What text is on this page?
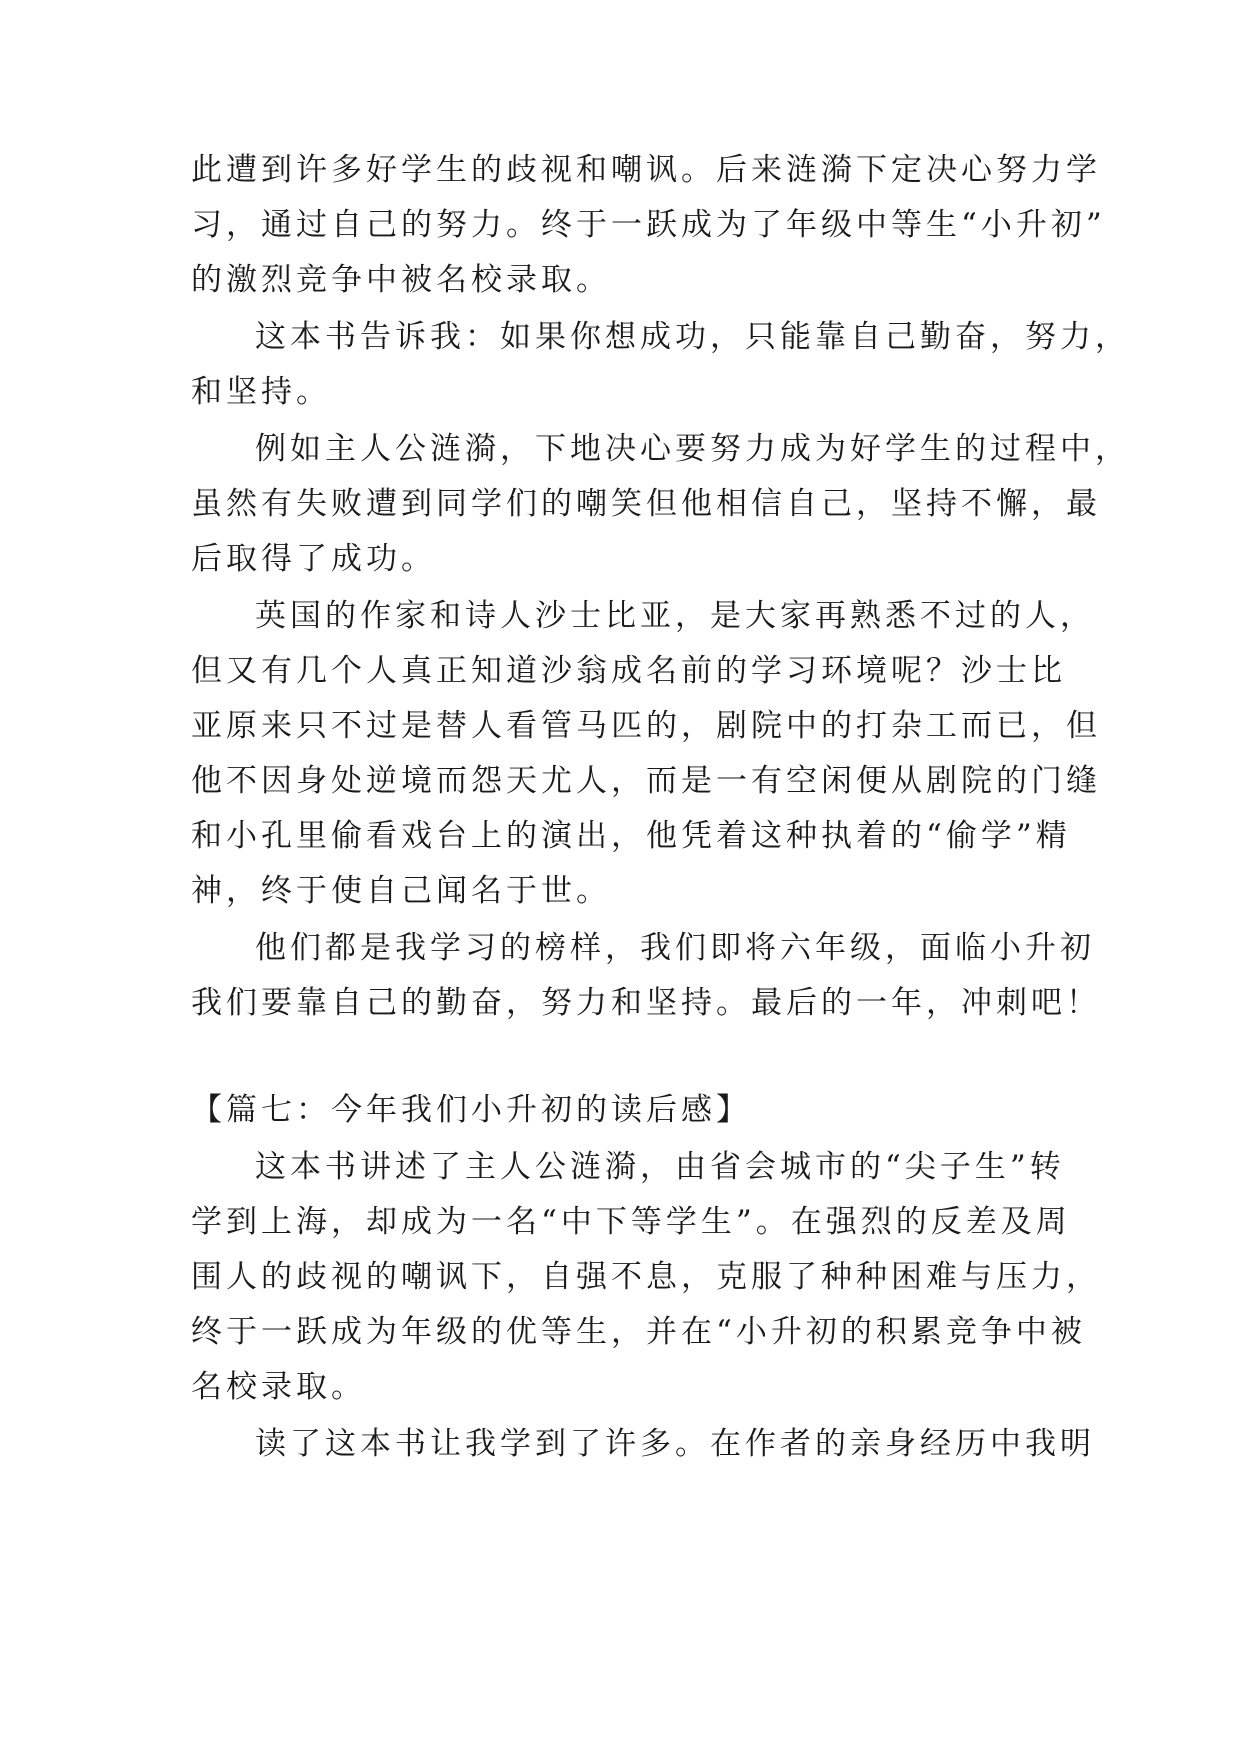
此遭到许多好学生的歧视和嘲讽。后来涟漪下定决心努力学
习，通过自己的努力。终于一跃成为了年级中等生“小升初”
的激烈竞争中被名校录取。
这本书告诉我：如果你想成功，只能靠自己勤奋，努力，
和坚持。
例如主人公涟漪，下地决心要努力成为好学生的过程中，
虽然有失败遭到同学们的嘲笑但他相信自己，坚持不懈，最
后取得了成功。
英国的作家和诗人沙士比亚，是大家再熟悉不过的人，
但又有几个人真正知道沙翁成名前的学习环境呢？沙士比
亚原来只不过是替人看管马匹的，剧院中的打杂工而已，但
他不因身处逆境而怨天尤人，而是一有空闲便从剧院的门缝
和小孔里偷看戏台上的演出，他凭着这种执着的“偷学”精
神，终于使自己闻名于世。
他们都是我学习的榜样，我们即将六年级，面临小升初
我们要靠自己的勤奋，努力和坚持。最后的一年，冲刺吧！
【篇七：今年我们小升初的读后感】
这本书讲述了主人公涟漪，由省会城市的“尖子生”转
学到上海，却成为一名“中下等学生”。在强烈的反差及周
围人的歧视的嘲讽下，自强不息，克服了种种困难与压力，
终于一跃成为年级的优等生，并在“小升初的积累竞争中被
名校录取。
读了这本书让我学到了许多。在作者的亲身经历中我明
